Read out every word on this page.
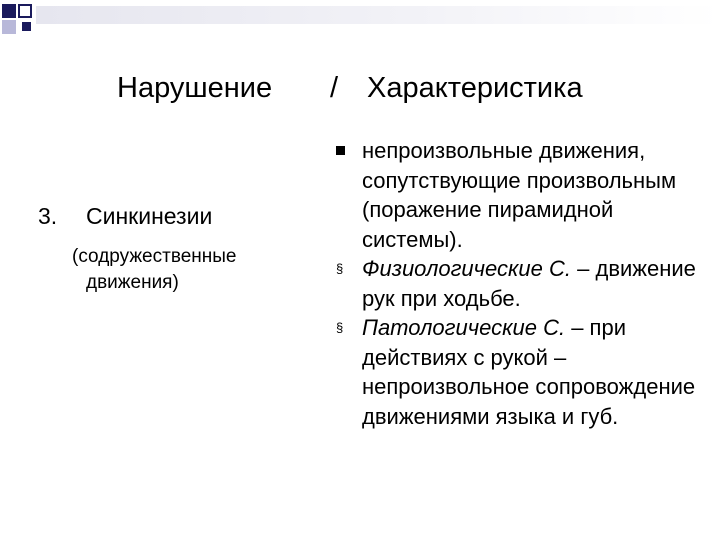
Нарушение / Характеристика
3. Синкинезии
(содружественные
движения)
непроизвольные движения, сопутствующие произвольным (поражение пирамидной системы).
§ Физиологические С. – движение рук при ходьбе.
§ Патологические С. – при действиях с рукой – непроизвольное сопровождение движениями языка и губ.
